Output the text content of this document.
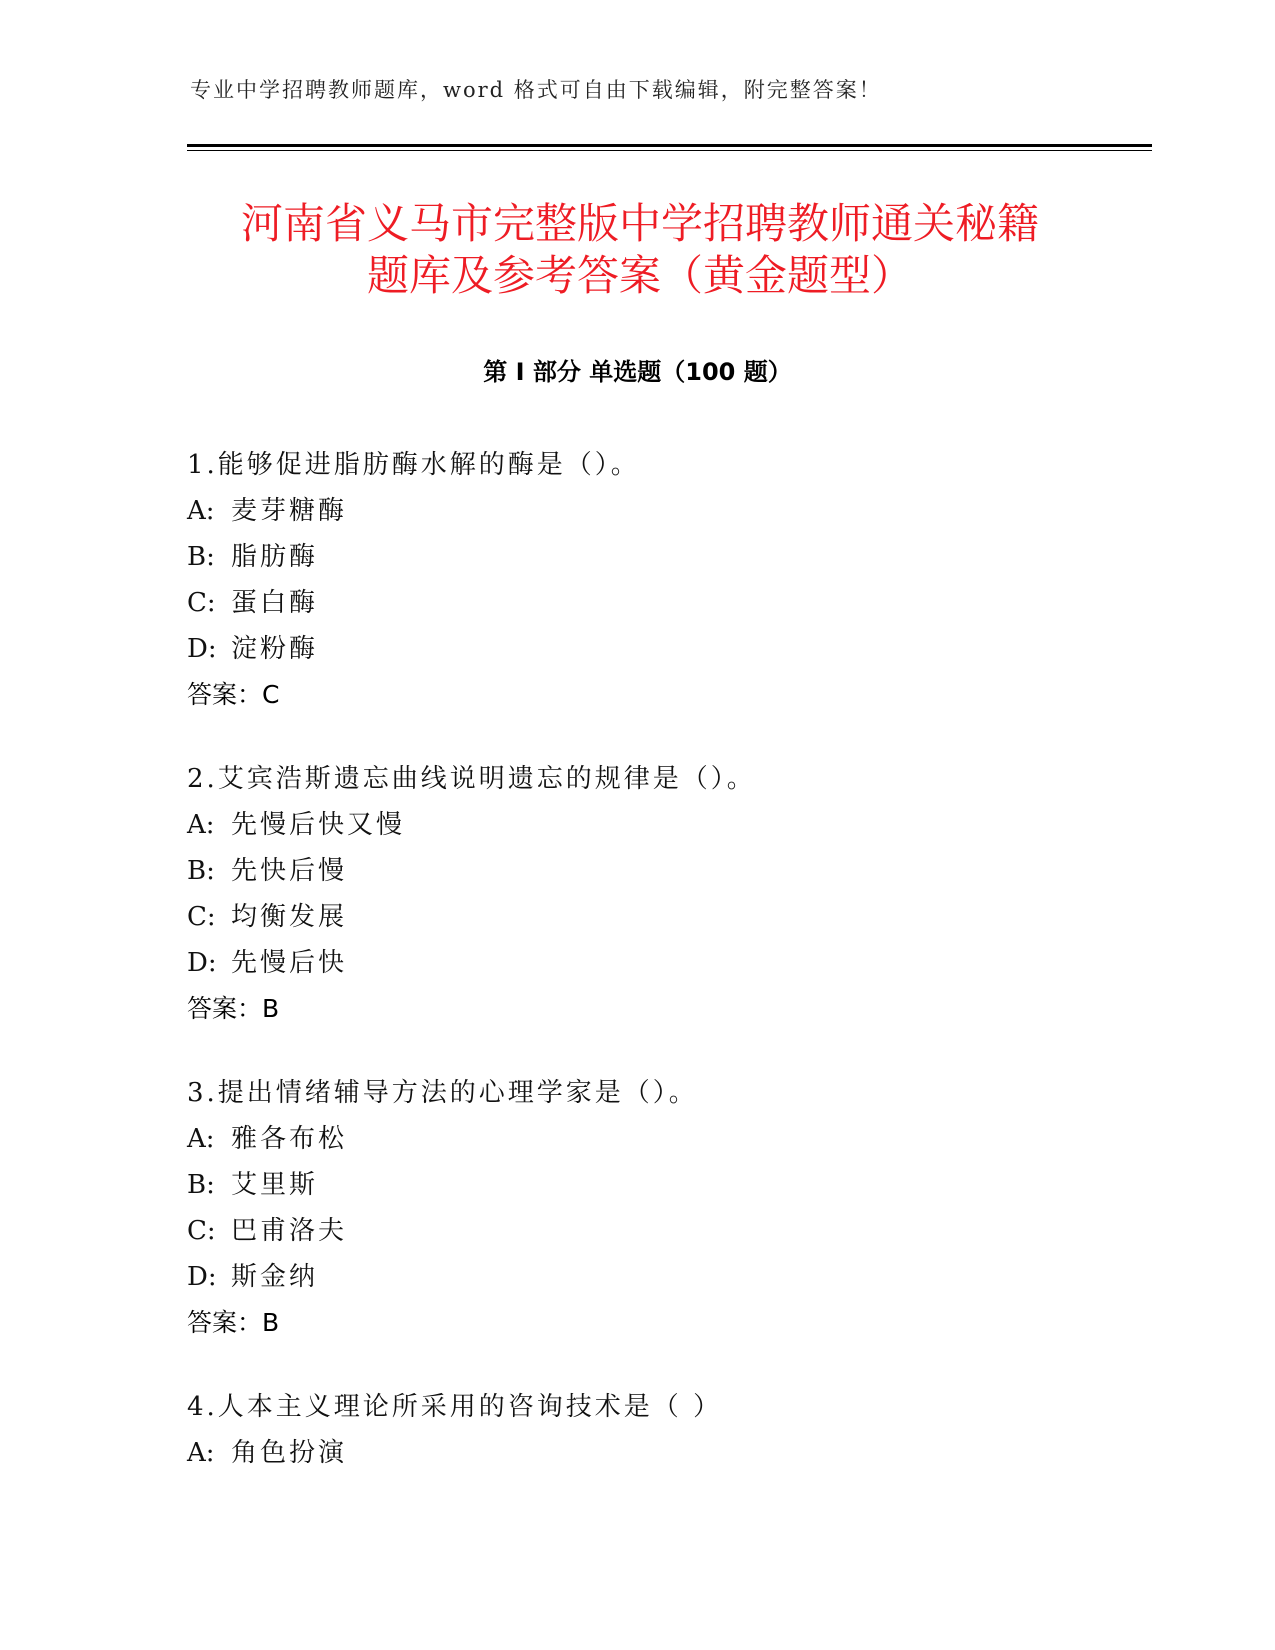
专业中学招聘教师题库，word 格式可自由下载编辑，附完整答案！
河南省义马市完整版中学招聘教师通关秘籍
题库及参考答案（黄金题型）
第 I 部分 单选题（100 题）
1.能够促进脂肪酶水解的酶是（）。
A: 麦芽糖酶
B: 脂肪酶
C: 蛋白酶
D: 淀粉酶
答案：C
2.艾宾浩斯遗忘曲线说明遗忘的规律是（）。
A: 先慢后快又慢
B: 先快后慢
C: 均衡发展
D: 先慢后快
答案：B
3.提出情绪辅导方法的心理学家是（）。
A: 雅各布松
B: 艾里斯
C: 巴甫洛夫
D: 斯金纳
答案：B
4.人本主义理论所采用的咨询技术是（ ）
A: 角色扮演
